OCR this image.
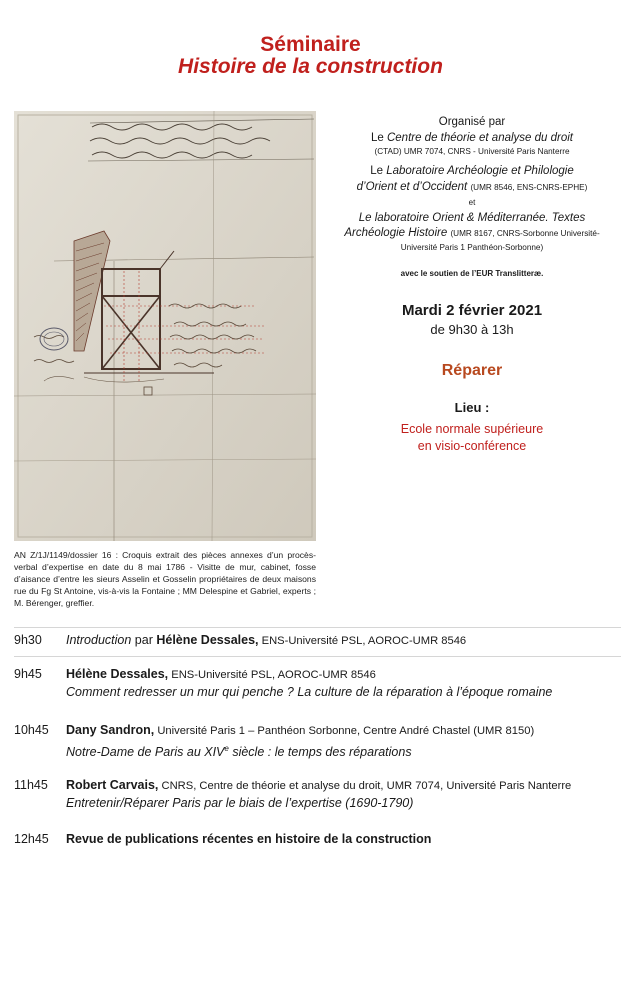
Séminaire
Histoire de la construction
AN Z/1J/1149/dossier 16 : Croquis extrait des pièces annexes d’un procès-verbal d’expertise en date du 8 mai 1786 - Visitte de mur, cabinet, fosse d’aisance d’entre les sieurs Asselin et Gosselin propriétaires de deux maisons rue du Fg St Antoine, vis-à-vis la Fontaine ; MM Delespine et Gabriel, experts ; M. Bérenger, greffier.
Organisé par
Le Centre de théorie et analyse du droit
(CTAD) UMR 7074, CNRS - Université Paris Nanterre
Le Laboratoire Archéologie et Philologie
d’Orient et d’Occident (UMR 8546, ENS-CNRS-EPHE)
et
Le laboratoire Orient & Méditerranée. Textes
Archéologie Histoire (UMR 8167, CNRS-Sorbonne Université-
Université Paris 1 Panthéon-Sorbonne)
avec le soutien de l’EUR Translitteræ.
Mardi 2 février 2021
de 9h30 à 13h
Réparer
Lieu :
Ecole normale supérieure
en visio-conférence
9h30	Introduction par Hélène Dessales, ENS-Université PSL, AOROC-UMR 8546
9h45	Hélène Dessales, ENS-Université PSL, AOROC-UMR 8546
Comment redresser un mur qui penche ? La culture de la réparation à l’époque romaine
10h45	Dany Sandron, Université Paris 1 – Panthéon Sorbonne, Centre André Chastel (UMR 8150)
Notre-Dame de Paris au XIVe siècle : le temps des réparations
11h45	Robert Carvais, CNRS, Centre de théorie et analyse du droit, UMR 7074, Université Paris Nanterre
Entretenir/Réparer Paris par le biais de l’expertise (1690-1790)
12h45	Revue de publications récentes en histoire de la construction
